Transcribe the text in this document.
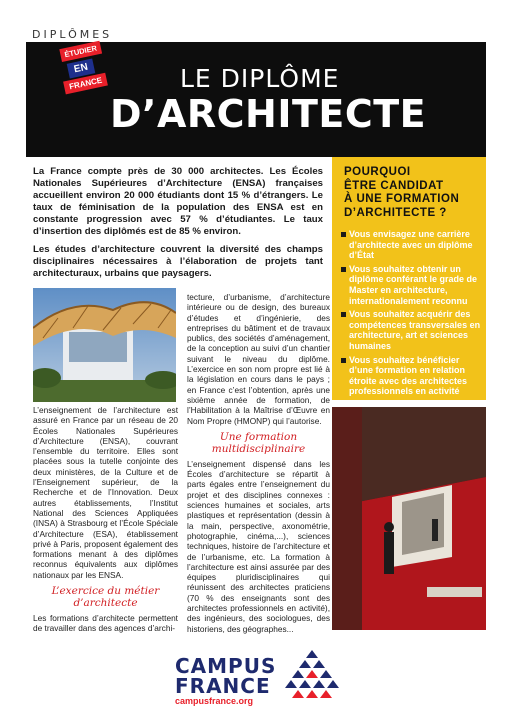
DIPLÔMES
ÉTUDIER
EN
FRANCE	LE DIPLÔME
D’ARCHITECTE

La France compte près de 30 000 architectes. Les Écoles Nationales Supérieures d’Architecture (ENSA) françaises accueillent environ 20 000 étudiants dont 15 % d’étrangers. Le taux de féminisation de la population des ENSA est en constante progression avec 57 % d’étudiantes. Le taux d’insertion des diplômés est de 85 % environ.

Les études d’architecture couvrent la diversité des champs disciplinaires nécessaires à l’élaboration de projets tant architecturaux, urbains que paysagers.

POURQUOI
ÊTRE CANDIDAT
À UNE FORMATION
D’ARCHITECTE ?
Vous envisagez une carrière d’architecte avec un diplôme d’État
Vous souhaitez obtenir un diplôme conférant le grade de Master en architecture, internationalement reconnu
Vous souhaitez acquérir des compétences transversales en architecture, art et sciences humaines
Vous souhaitez bénéficier d’une formation en relation étroite avec des architectes professionnels en activité

L’enseignement de l’architecture est assuré en France par un réseau de 20 Écoles Nationales Supérieures d’Architecture (ENSA), couvrant l’ensemble du territoire. Elles sont placées sous la tutelle conjointe des deux ministères, de la Culture et de l’Enseignement supérieur, de la Recherche et de l’Innovation. Deux autres établissements, l’Institut National des Sciences Appliquées (INSA) à Strasbourg et l’École Spéciale d’Architecture (ESA), établissement privé à Paris, proposent également des formations menant à des diplômes reconnus équivalents aux diplômes nationaux par les ENSA.

L’exercice du métier d’architecte

Les formations d’architecte permettent de travailler dans des agences d’archi-

tecture, d’urbanisme, d’architecture intérieure ou de design, des bureaux d’études et d’ingénierie, des entreprises du bâtiment et de travaux publics, des sociétés d’aménagement, de la conception au suivi d’un chantier suivant le niveau du diplôme. L’exercice en son nom propre est lié à la législation en cours dans le pays ; en France c’est l’obtention, après une sixième année de formation, de l’Habilitation à la Maîtrise d’Œuvre en Nom Propre (HMONP) qui l’autorise.

Une formation multidisciplinaire

L’enseignement dispensé dans les Écoles d’architecture se répartit à parts égales entre l’enseignement du projet et des disciplines connexes : sciences humaines et sociales, arts plastiques et représentation (dessin à la main, perspective, axonométrie, photographie, cinéma,...), sciences techniques, histoire de l’architecture et de l’urbanisme, etc. La formation à l’architecture est ainsi assurée par des équipes pluridisciplinaires qui réunissent des architectes praticiens (70 % des enseignants sont des architectes professionnels en activité), des ingénieurs, des sociologues, des historiens, des géographes...

CAMPUS
FRANCE
campusfrance.org
